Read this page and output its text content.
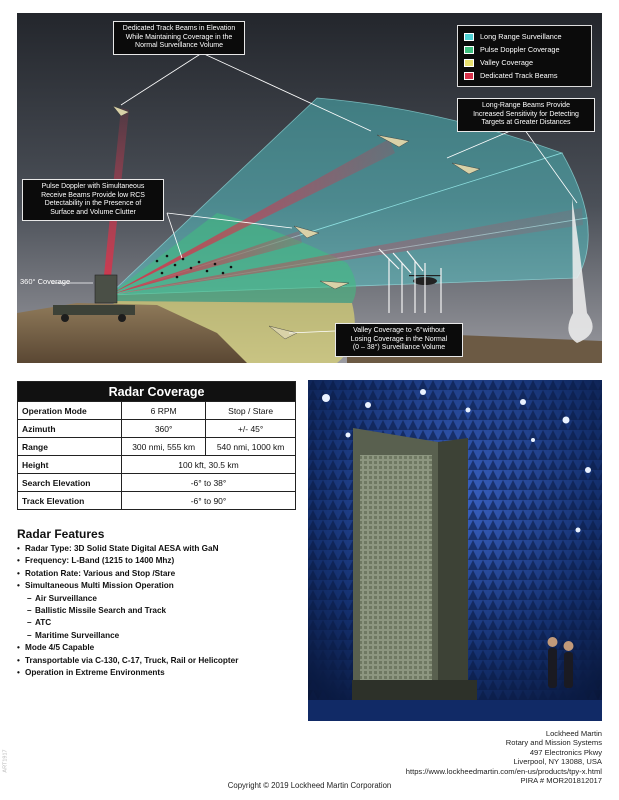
Dedicated Track Beams in Elevation
While Maintaining Coverage in the
Normal Surveillance Volume
Long Range Surveillance
Pulse Doppler Coverage
Valley Coverage
Dedicated Track Beams
Long-Range Beams Provide
Increased Sensitivity for Detecting
Targets at Greater Distances
Pulse Doppler with Simultaneous
Receive Beams Provide low RCS
Detectability in the Presence of
Surface and Volume Clutter
360° Coverage
Valley Coverage to -6°without
Losing Coverage in the Normal
(0 – 38°) Surveillance Volume
Radar Coverage		
Operation Mode	6 RPM	Stop / Stare
Azimuth	360°	+/- 45°
Range	300 nmi, 555 km	540 nmi, 1000 km
Height	100 kft, 30.5 km	
Search Elevation	-6° to 38°	
Track Elevation	-6° to 90°	
Radar Features
• Radar Type: 3D Solid State Digital AESA with GaN
• Frequency: L-Band (1215 to 1400 Mhz)
• Rotation Rate: Various and Stop /Stare
• Simultaneous Multi Mission Operation
– Air Surveillance
– Ballistic Missile Search and Track
– ATC
– Maritime Surveillance
• Mode 4/5 Capable
• Transportable via C-130, C-17, Truck, Rail or Helicopter
• Operation in Extreme Environments
Lockheed Martin
Rotary and Mission Systems
497 Electronics Pkwy
Liverpool, NY 13088, USA
https://www.lockheedmartin.com/en-us/products/tpy-x.html
PIRA # MOR201812017
ART1917
Copyright © 2019 Lockheed Martin Corporation
